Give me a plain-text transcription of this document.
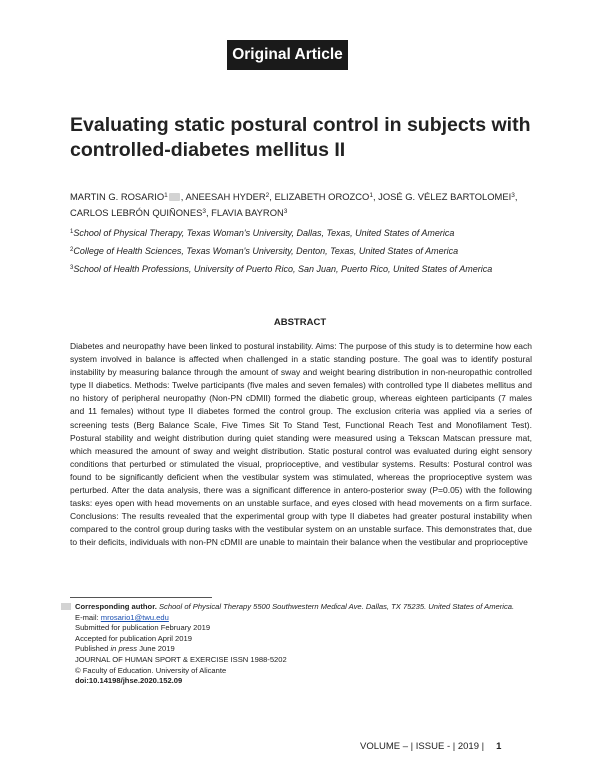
Original Article
Evaluating static postural control in subjects with controlled-diabetes mellitus II
MARTIN G. ROSARIO$^1$ , ANEESAH HYDER$^2$, ELIZABETH OROZCO$^1$, JOSÉ G. VÉLEZ BARTOLOMEI$^3$,
CARLOS LEBRÓN QUIÑONES$^3$, FLAVIA BAYRON$^3$
$^1$School of Physical Therapy, Texas Woman's University, Dallas, Texas, United States of America
$^2$College of Health Sciences, Texas Woman's University, Denton, Texas, United States of America
$^3$School of Health Professions, University of Puerto Rico, San Juan, Puerto Rico, United States of America
ABSTRACT
Diabetes and neuropathy have been linked to postural instability. Aims: The purpose of this study is to determine how each system involved in balance is affected when challenged in a static standing posture. The goal was to identify postural instability by measuring balance through the amount of sway and weight bearing distribution in non-neuropathic controlled type II diabetics. Methods: Twelve participants (five males and seven females) with controlled type II diabetes mellitus and no history of peripheral neuropathy (Non-PN cDMII) formed the diabetic group, whereas eighteen participants (7 males and 11 females) without type II diabetes formed the control group. The exclusion criteria was applied via a series of screening tests (Berg Balance Scale, Five Times Sit To Stand Test, Functional Reach Test and Monofilament Test). Postural stability and weight distribution during quiet standing were measured using a Tekscan Matscan pressure mat, which measured the amount of sway and weight distribution. Static postural control was evaluated during eight sensory conditions that perturbed or stimulated the visual, proprioceptive, and vestibular systems. Results: Postural control was found to be significantly deficient when the vestibular system was stimulated, whereas the proprioceptive system was perturbed. After the data analysis, there was a significant difference in antero-posterior sway (P=0.05) with the following tasks: eyes open with head movements on an unstable surface, and eyes closed with head movements on a firm surface. Conclusions: The results revealed that the experimental group with type II diabetes had greater postural instability when compared to the control group during tasks with the vestibular system on an unstable surface. This demonstrates that, due to their deficits, individuals with non-PN cDMII are unable to maintain their balance when the vestibular and proprioceptive
Corresponding author. School of Physical Therapy 5500 Southwestern Medical Ave. Dallas, TX 75235. United States of America.
E-mail: mrosario1@twu.edu
Submitted for publication February 2019
Accepted for publication April 2019
Published in press June 2019
JOURNAL OF HUMAN SPORT & EXERCISE ISSN 1988-5202
© Faculty of Education. University of Alicante
doi:10.14198/jhse.2020.152.09
VOLUME – | ISSUE - | 2019 | 1
